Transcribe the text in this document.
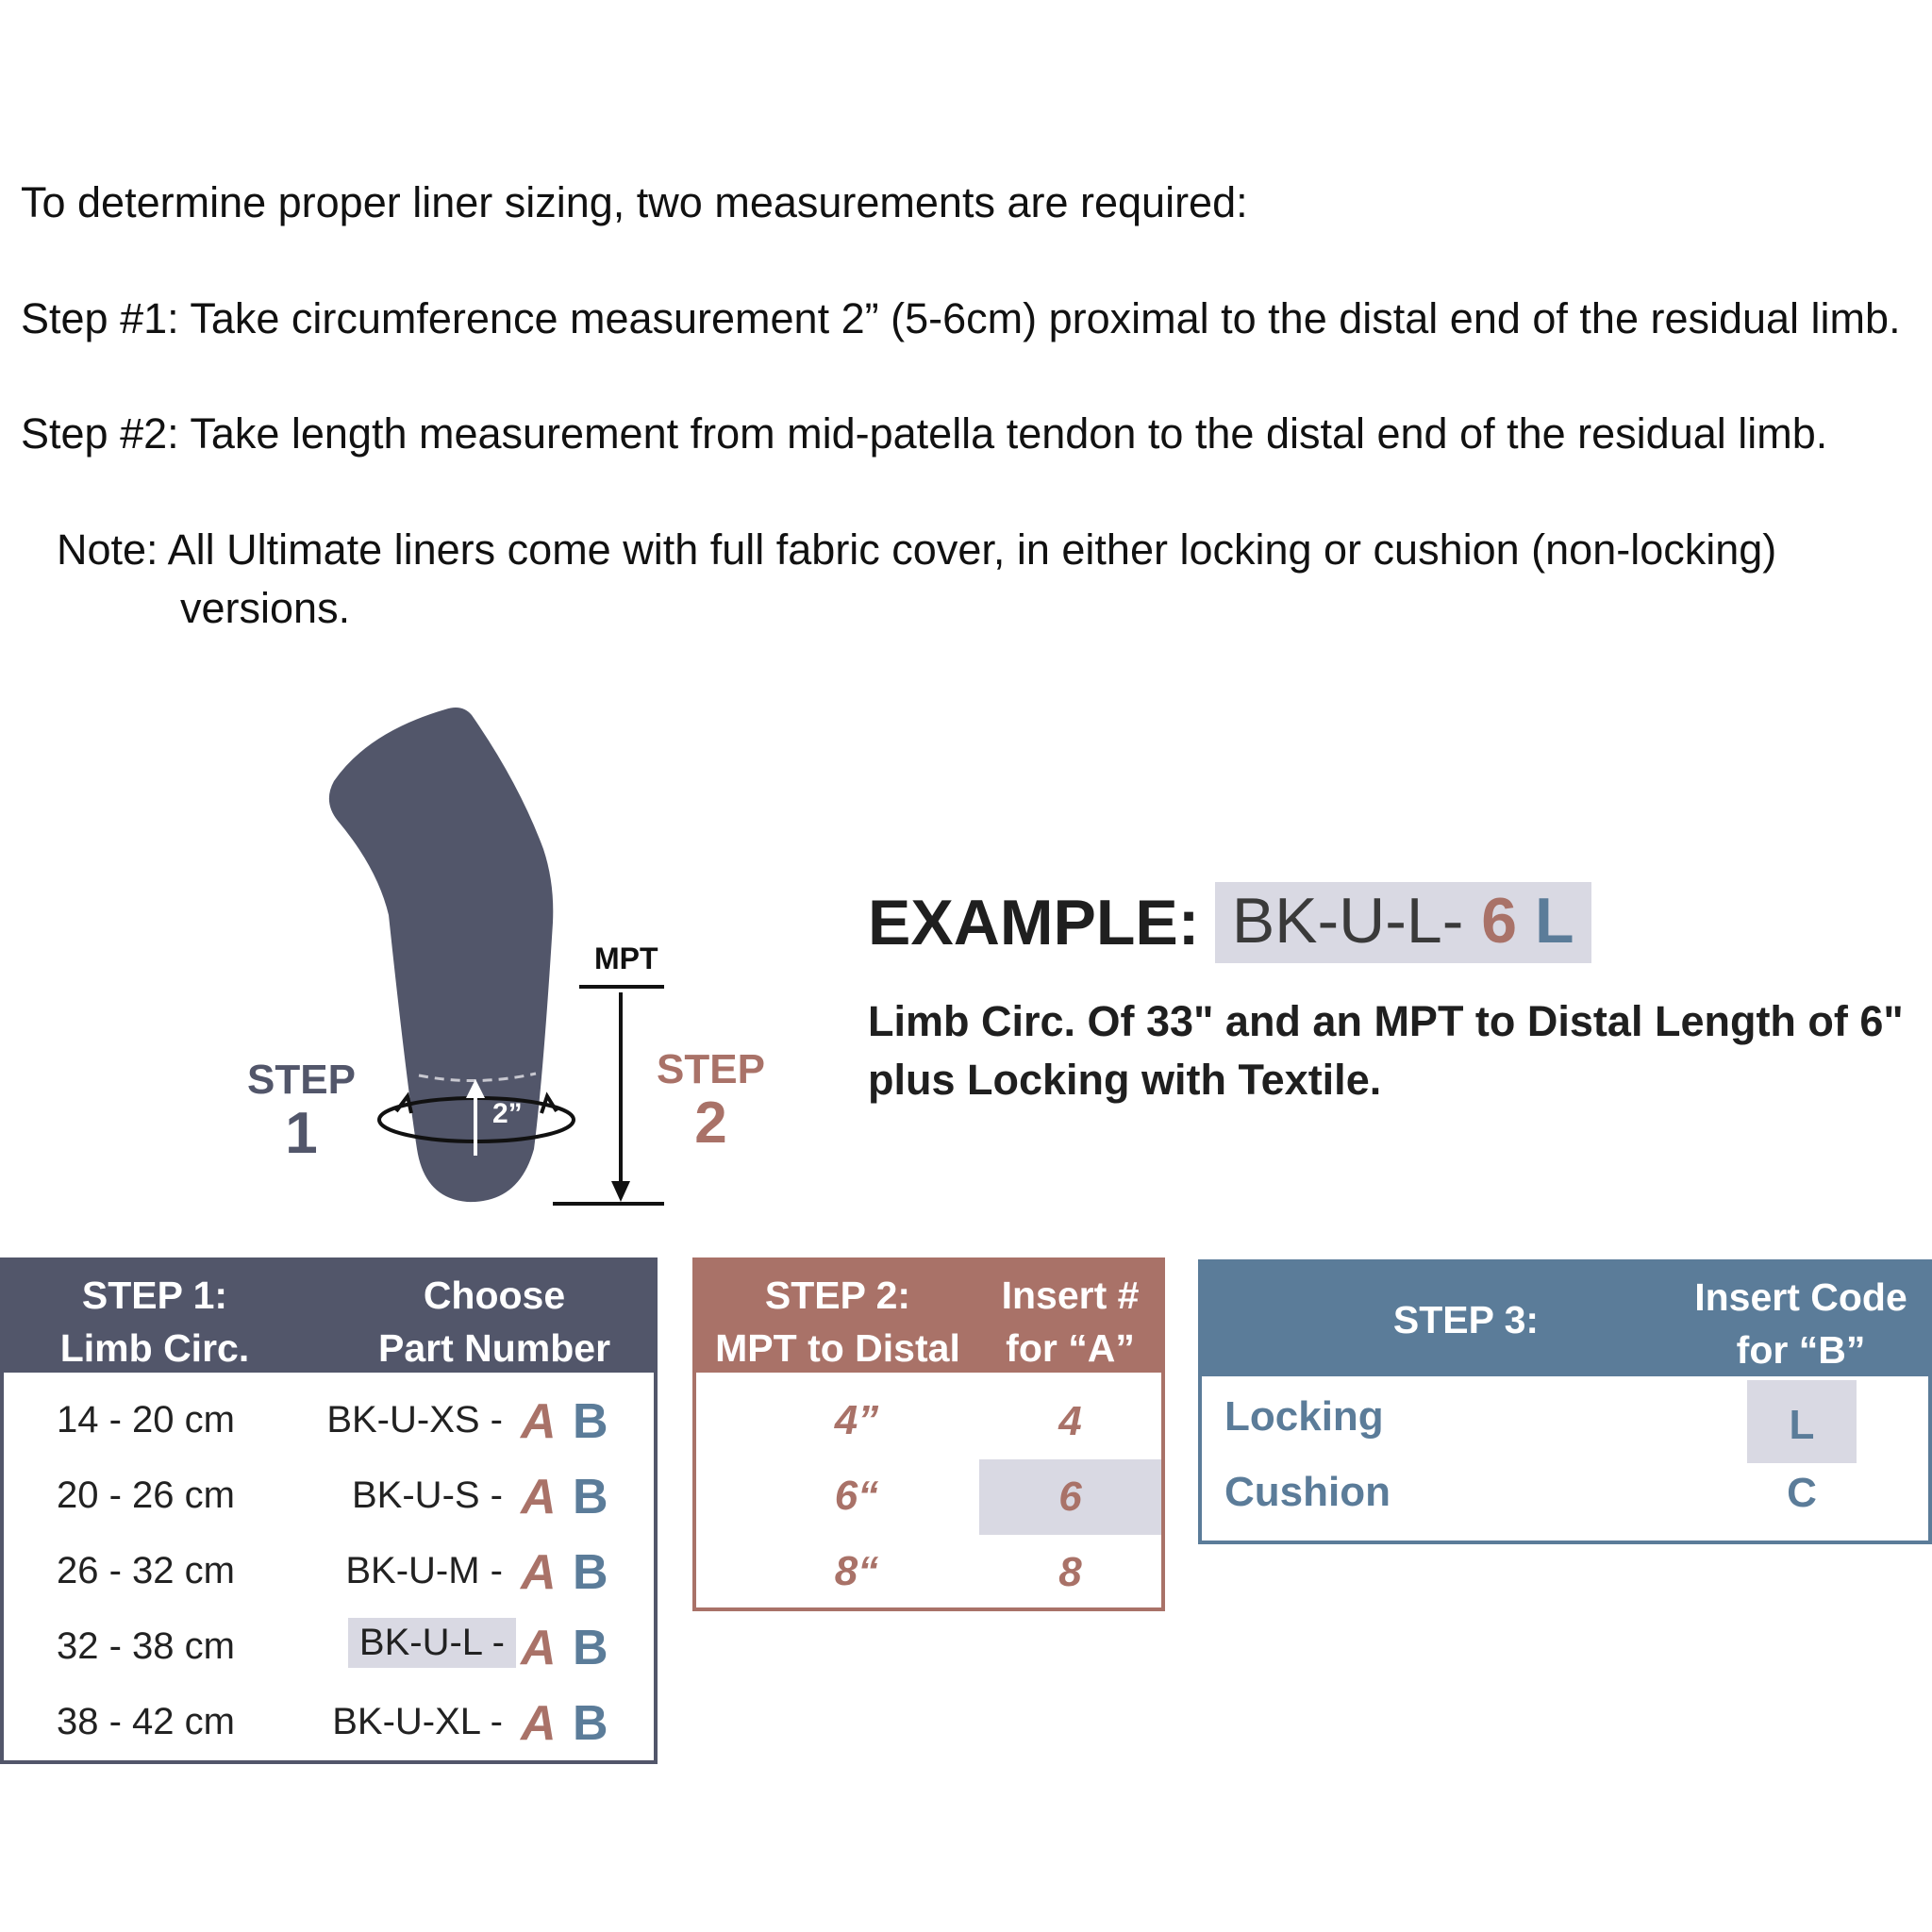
To determine proper liner sizing, two measurements are required:
Step #1: Take circumference measurement 2” (5-6cm) proximal to the distal end of the residual limb.
Step #2: Take length measurement from mid-patella tendon to the distal end of the residual limb.
Note: All Ultimate liners come with full fabric cover, in either locking or cushion (non-locking)
versions.
2”
MPT
STEP
1
STEP
2
EXAMPLE: BK-U-L- 6 L
Limb Circ. Of 33" and an MPT to Distal Length of 6"
plus Locking with Textile.
STEP 1:
Limb Circ.
Choose
Part Number
14 - 20 cm BK-U-XS - A B
20 - 26 cm	BK-U-S - A B
26 - 32 cm	BK-U-M - A B
32 - 38 cm	BK-U-L - A B
38 - 42 cm	BK-U-XL - A B
STEP 2:
MPT to Distal
Insert #
for “A”
4”	4
6“	6
8“	8
STEP 3:
Insert Code
for “B”
Locking	L
Cushion	C
